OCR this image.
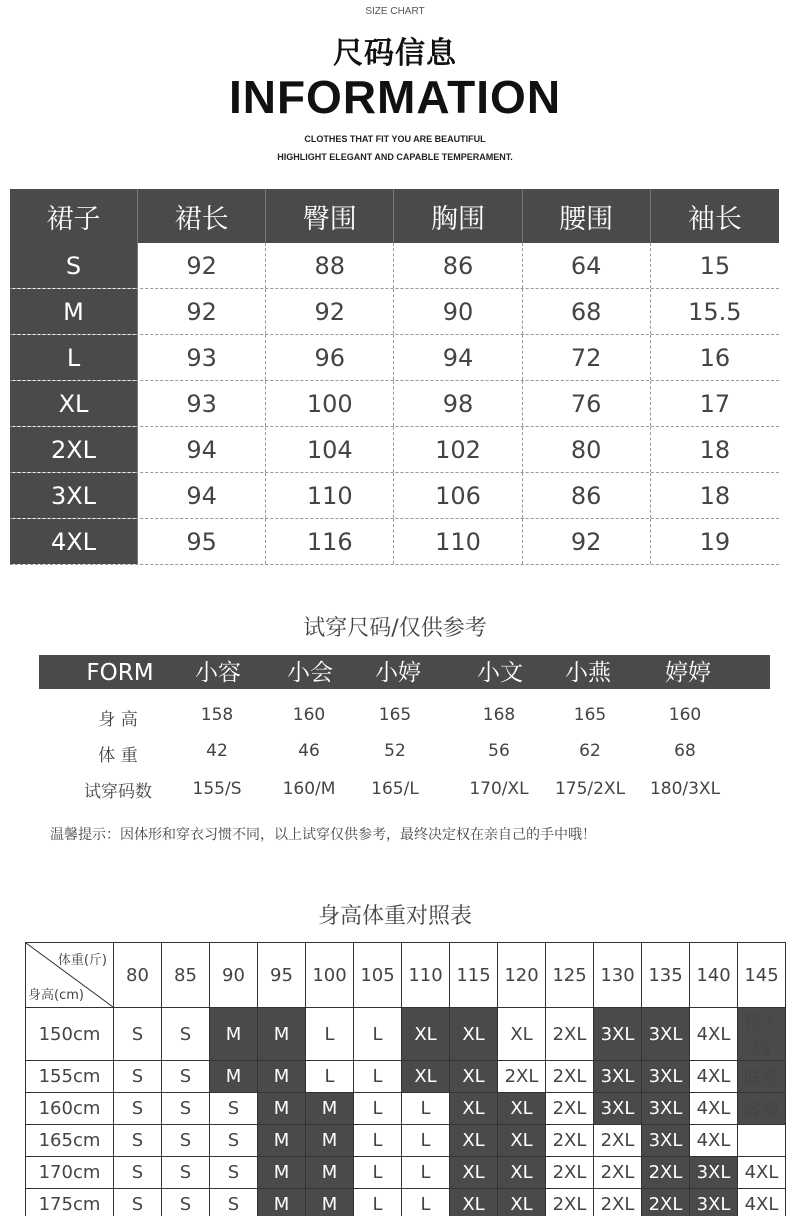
SIZE CHART
尺码信息
INFORMATION
CLOTHES THAT FIT YOU ARE BEAUTIFUL
HIGHLIGHT ELEGANT AND CAPABLE TEMPERAMENT.
裙子	裙长	臀围	胸围	腰围	袖长
S	92	88	86	64	15
M	92	92	90	68	15.5
L	93	96	94	72	16
XL	93	100	98	76	17
2XL	94	104	102	80	18
3XL	94	110	106	86	18
4XL	95	116	110	92	19
试穿尺码/仅供参考
FORM	小容	小会	小婷	小文	小燕	婷婷
身 高	158	160	165	168	165	160
体 重	42	46	52	56	62	68
试穿码数	155/S	160/M	165/L	170/XL	175/2XL	180/3XL
温馨提示：因体形和穿衣习惯不同，以上试穿仅供参考，最终决定权在亲自己的手中哦！
身高体重对照表
体重(斤)
身高(cm)	80	85	90	95	100	105	110	115	120	125	130	135	140	145
150cm	S	S	M	M	L	L	XL	XL	XL	2XL	3XL	3XL	4XL	特大码
155cm	S	S	M	M	L	L	XL	XL	2XL	2XL	3XL	3XL	4XL	联系
160cm	S	S	S	M	M	L	L	XL	XL	2XL	3XL	3XL	4XL	客服
165cm	S	S	S	M	M	L	L	XL	XL	2XL	2XL	3XL	4XL	
170cm	S	S	S	M	M	L	L	XL	XL	2XL	2XL	2XL	3XL	4XL
175cm	S	S	S	M	M	L	L	XL	XL	2XL	2XL	2XL	3XL	4XL
